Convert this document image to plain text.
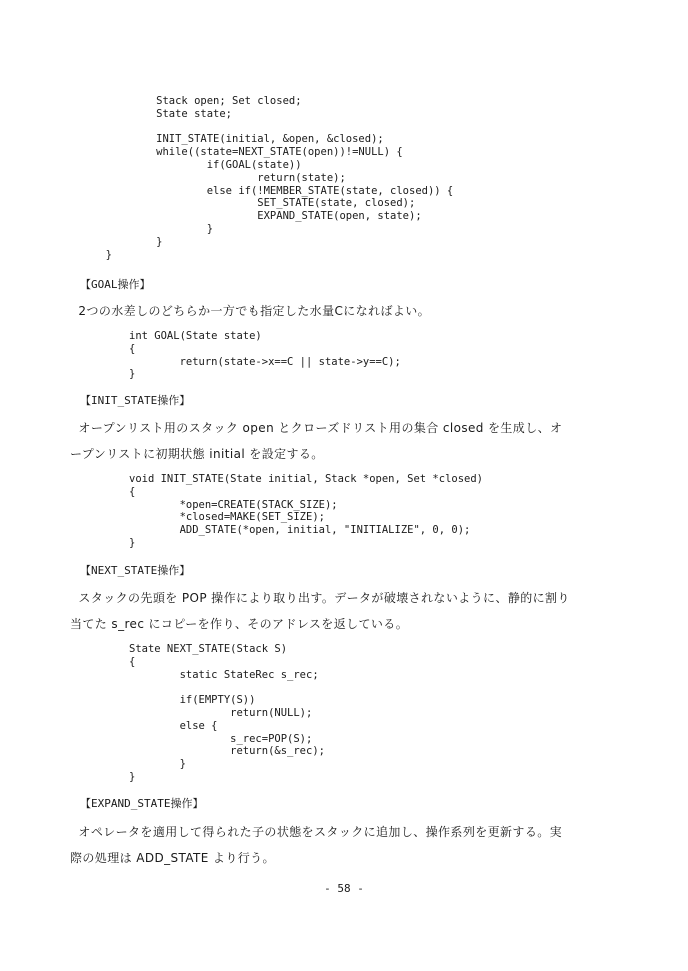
Stack open; Set closed;
State state;

INIT_STATE(initial, &open, &closed);
while((state=NEXT_STATE(open))!=NULL) {
if(GOAL(state))
return(state);
else if(!MEMBER_STATE(state, closed)) {
SET_STATE(state, closed);
EXPAND_STATE(open, state);
}
}
}
【GOAL操作】
2つの水差しのどちらか一方でも指定した水量Cになればよい。
int GOAL(State state)
{
return(state->x==C || state->y==C);
}
【INIT_STATE操作】
オープンリスト用のスタック open とクローズドリスト用の集合 closed を生成し、オ
ープンリストに初期状態 initial を設定する。
void INIT_STATE(State initial, Stack *open, Set *closed)
{
*open=CREATE(STACK_SIZE);
*closed=MAKE(SET_SIZE);
ADD_STATE(*open, initial, "INITIALIZE", 0, 0);
}
【NEXT_STATE操作】
スタックの先頭を POP 操作により取り出す。データが破壊されないように、静的に割り
当てた s_rec にコピーを作り、そのアドレスを返している。
State NEXT_STATE(Stack S)
{
static StateRec s_rec;

if(EMPTY(S))
return(NULL);
else {
s_rec=POP(S);
return(&s_rec);
}
}
【EXPAND_STATE操作】
オペレータを適用して得られた子の状態をスタックに追加し、操作系列を更新する。実
際の処理は ADD_STATE より行う。
- 58 -
